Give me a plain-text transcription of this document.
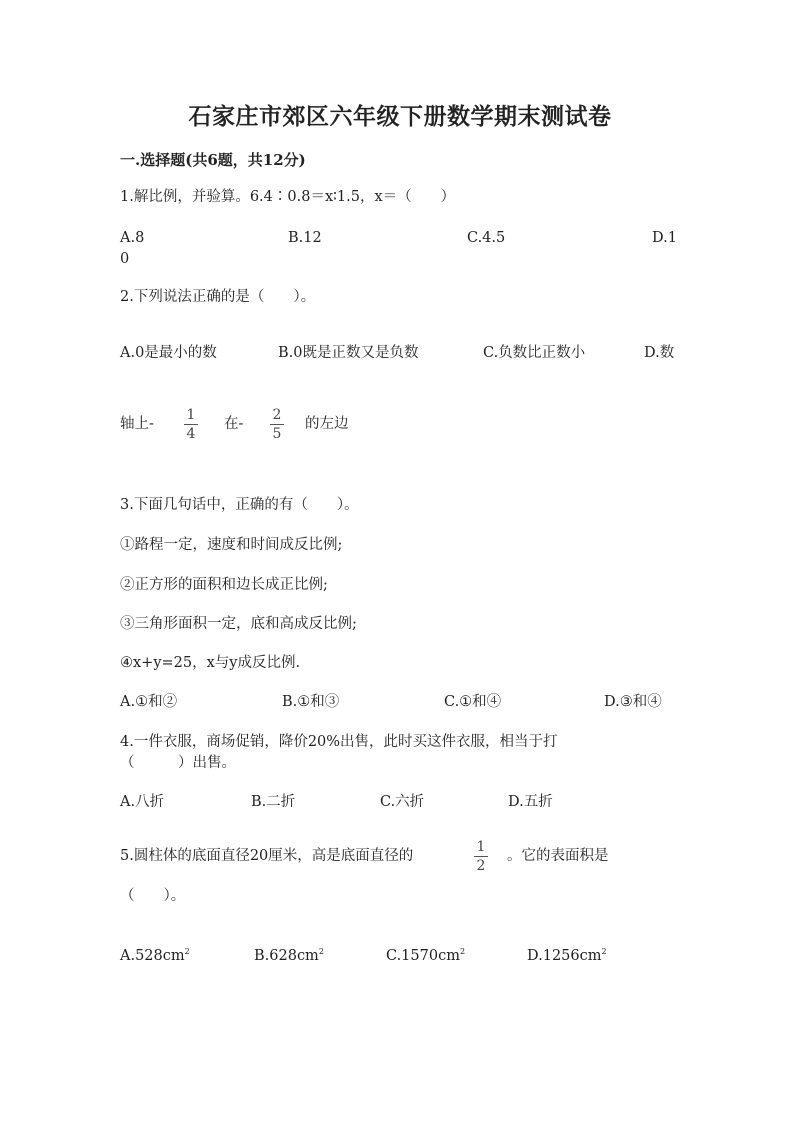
石家庄市郊区六年级下册数学期末测试卷
一.选择题(共6题，共12分)
1.解比例，并验算。6.4∶0.8＝x∶1.5，x＝（　　）
A.8	B.12	C.4.5	D.1
0
2.下列说法正确的是（　　）。
A.0是最小的数	B.0既是正数又是负数	C.负数比正数小	D.数
轴上-
1
4
在-
2
5
的左边
3.下面几句话中，正确的有（　　）。
①路程一定，速度和时间成反比例;
②正方形的面积和边长成正比例;
③三角形面积一定，底和高成反比例;
④x+y=25，x与y成反比例.
A.①和②	B.①和③	C.①和④	D.③和④
4.一件衣服，商场促销，降价20%出售，此时买这件衣服，相当于打
（　　　）出售。
A.八折	B.二折	C.六折	D.五折
5.圆柱体的底面直径20厘米，高是底面直径的
1
2
。它的表面积是
（　　）。
$A.528cm^2$	$B.628cm^2$	$C.1570cm^2$	$D.1256cm^2$
